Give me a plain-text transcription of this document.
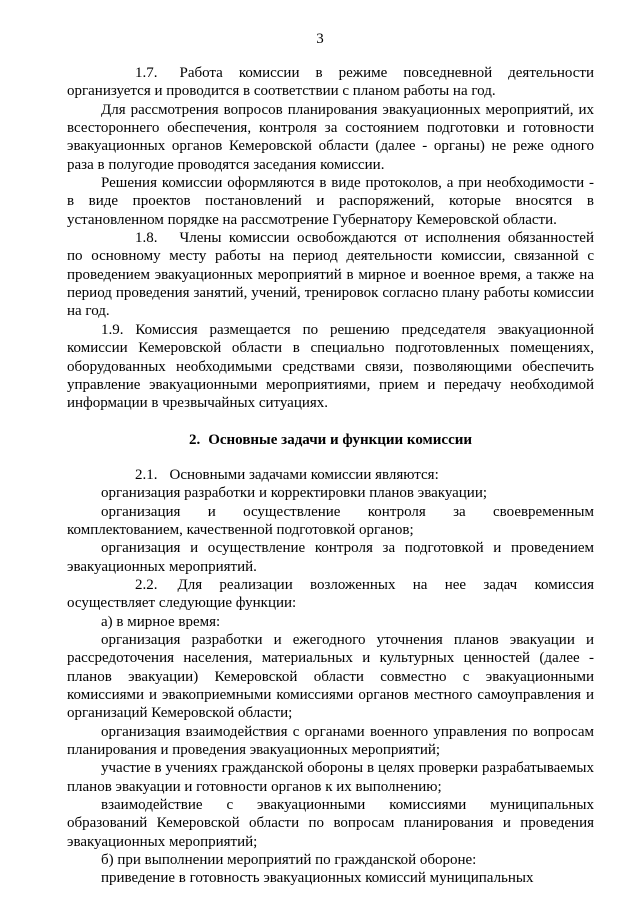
3

1.7. Работа комиссии в режиме повседневной деятельности организуется и проводится в соответствии с планом работы на год.

Для рассмотрения вопросов планирования эвакуационных мероприятий, их всестороннего обеспечения, контроля за состоянием подготовки и готовности эвакуационных органов Кемеровской области (далее - органы) не реже одного раза в полугодие проводятся заседания комиссии.

Решения комиссии оформляются в виде протоколов, а при необходимости - в виде проектов постановлений и распоряжений, которые вносятся в установленном порядке на рассмотрение Губернатору Кемеровской области.

1.8. Члены комиссии освобождаются от исполнения обязанностей по основному месту работы на период деятельности комиссии, связанной с проведением эвакуационных мероприятий в мирное и военное время, а также на период проведения занятий, учений, тренировок согласно плану работы комиссии на год.

1.9. Комиссия размещается по решению председателя эвакуационной комиссии Кемеровской области в специально подготовленных помещениях, оборудованных необходимыми средствами связи, позволяющими обеспечить управление эвакуационными мероприятиями, прием и передачу необходимой информации в чрезвычайных ситуациях.

2. Основные задачи и функции комиссии

2.1. Основными задачами комиссии являются:

организация разработки и корректировки планов эвакуации;

организация и осуществление контроля за своевременным комплектованием, качественной подготовкой органов;

организация и осуществление контроля за подготовкой и проведением эвакуационных мероприятий.

2.2. Для реализации возложенных на нее задач комиссия осуществляет следующие функции:

а) в мирное время:

организация разработки и ежегодного уточнения планов эвакуации и рассредоточения населения, материальных и культурных ценностей (далее - планов эвакуации) Кемеровской области совместно с эвакуационными комиссиями и эвакоприемными комиссиями органов местного самоуправления и организаций Кемеровской области;

организация взаимодействия с органами военного управления по вопросам планирования и проведения эвакуационных мероприятий;

участие в учениях гражданской обороны в целях проверки разрабатываемых планов эвакуации и готовности органов к их выполнению;

взаимодействие с эвакуационными комиссиями муниципальных образований Кемеровской области по вопросам планирования и проведения эвакуационных мероприятий;

б) при выполнении мероприятий по гражданской обороне:

приведение в готовность эвакуационных комиссий муниципальных
